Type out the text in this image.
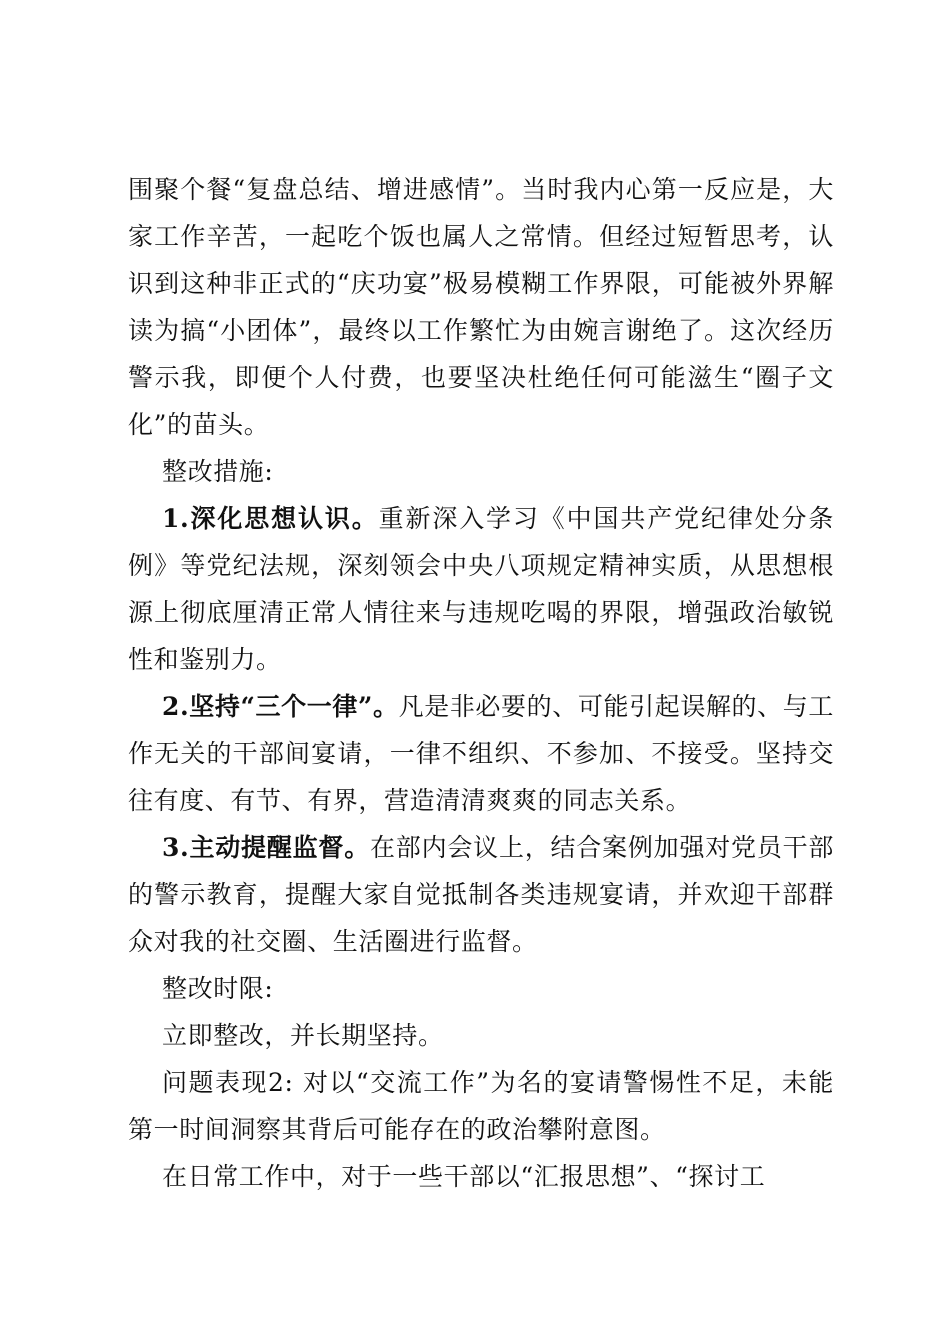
围聚个餐“复盘总结、增进感情”。当时我内心第一反应是，大家工作辛苦，一起吃个饭也属人之常情。但经过短暂思考，认识到这种非正式的“庆功宴”极易模糊工作界限，可能被外界解读为搞“小团体”，最终以工作繁忙为由婉言谢绝了。这次经历警示我，即便个人付费，也要坚决杜绝任何可能滋生“圈子文化”的苗头。

整改措施:

1.深化思想认识。重新深入学习《中国共产党纪律处分条例》等党纪法规，深刻领会中央八项规定精神实质，从思想根源上彻底厘清正常人情往来与违规吃喝的界限，增强政治敏锐性和鉴别力。

2.坚持“三个一律”。凡是非必要的、可能引起误解的、与工作无关的干部间宴请，一律不组织、不参加、不接受。坚持交往有度、有节、有界，营造清清爽爽的同志关系。

3.主动提醒监督。在部内会议上，结合案例加强对党员干部的警示教育，提醒大家自觉抵制各类违规宴请，并欢迎干部群众对我的社交圈、生活圈进行监督。

整改时限:

立即整改，并长期坚持。

问题表现2: 对以“交流工作”为名的宴请警惕性不足，未能第一时间洞察其背后可能存在的政治攀附意图。

在日常工作中，对于一些干部以“汇报思想”、“探讨工
